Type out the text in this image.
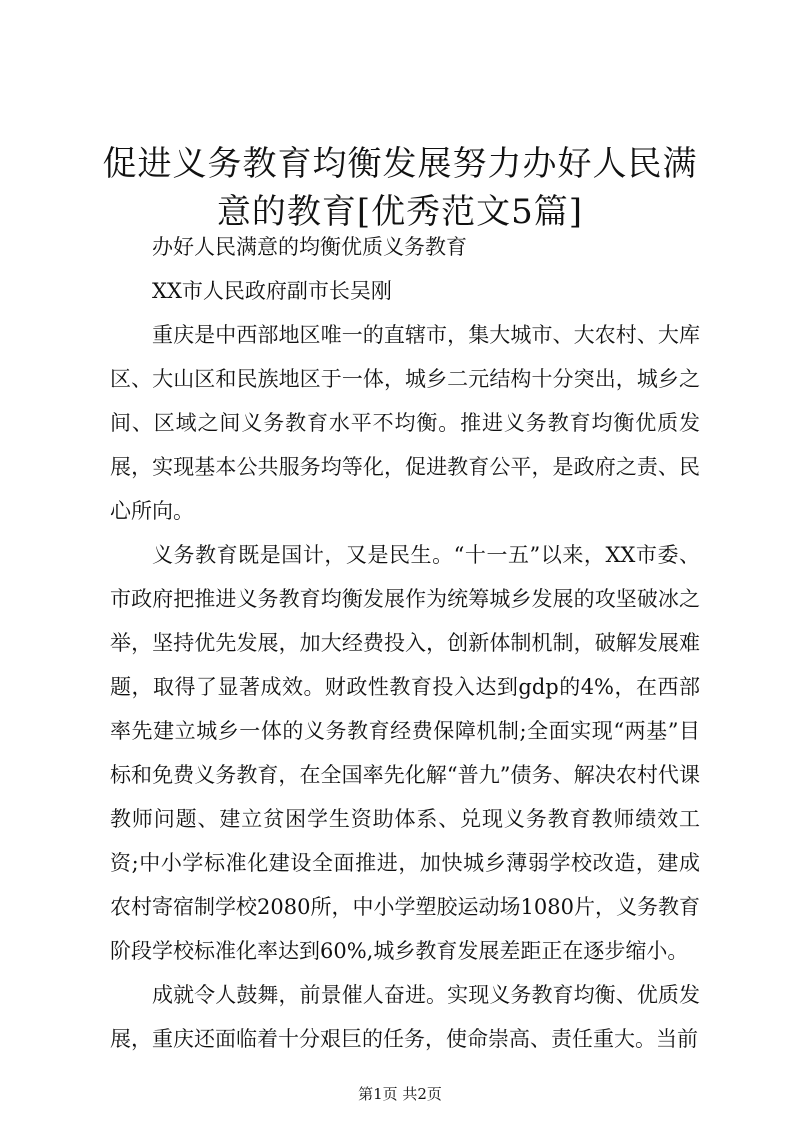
促进义务教育均衡发展努力办好人民满意的教育[优秀范文5篇]

办好人民满意的均衡优质义务教育

XX市人民政府副市长吴刚

重庆是中西部地区唯一的直辖市，集大城市、大农村、大库区、大山区和民族地区于一体，城乡二元结构十分突出，城乡之间、区域之间义务教育水平不均衡。推进义务教育均衡优质发展，实现基本公共服务均等化，促进教育公平，是政府之责、民心所向。

义务教育既是国计，又是民生。“十一五”以来，XX市委、市政府把推进义务教育均衡发展作为统筹城乡发展的攻坚破冰之举，坚持优先发展，加大经费投入，创新体制机制，破解发展难题，取得了显著成效。财政性教育投入达到gdp的4%，在西部率先建立城乡一体的义务教育经费保障机制;全面实现“两基”目标和免费义务教育，在全国率先化解“普九”债务、解决农村代课教师问题、建立贫困学生资助体系、兑现义务教育教师绩效工资;中小学标准化建设全面推进，加快城乡薄弱学校改造，建成农村寄宿制学校2080所，中小学塑胶运动场1080片，义务教育阶段学校标准化率达到60%,城乡教育发展差距正在逐步缩小。

成就令人鼓舞，前景催人奋进。实现义务教育均衡、优质发展，重庆还面临着十分艰巨的任务，使命崇高、责任重大。当前

第1页 共2页
